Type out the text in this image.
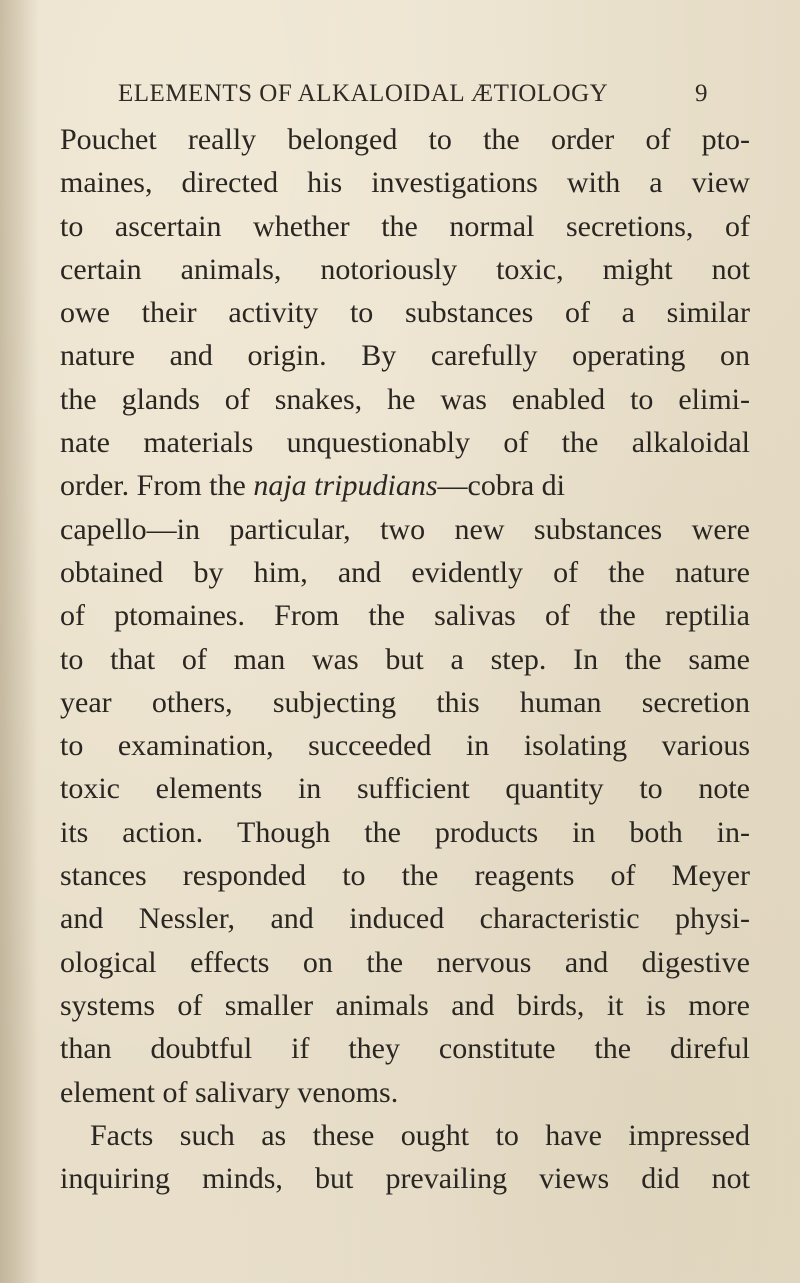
ELEMENTS OF ALKALOIDAL ÆTIOLOGY	9
Pouchet really belonged to the order of pto-
maines, directed his investigations with a view
to ascertain whether the normal secretions, of
certain animals, notoriously toxic, might not
owe their activity to substances of a similar
nature and origin. By carefully operating on
the glands of snakes, he was enabled to elimi-
nate materials unquestionably of the alkaloidal
order. From the naja tripudians—cobra di
capello—in particular, two new substances were
obtained by him, and evidently of the nature
of ptomaines. From the salivas of the reptilia
to that of man was but a step. In the same
year others, subjecting this human secretion
to examination, succeeded in isolating various
toxic elements in sufficient quantity to note
its action. Though the products in both in-
stances responded to the reagents of Meyer
and Nessler, and induced characteristic physi-
ological effects on the nervous and digestive
systems of smaller animals and birds, it is more
than doubtful if they constitute the direful
element of salivary venoms.
Facts such as these ought to have impressed
inquiring minds, but prevailing views did not
